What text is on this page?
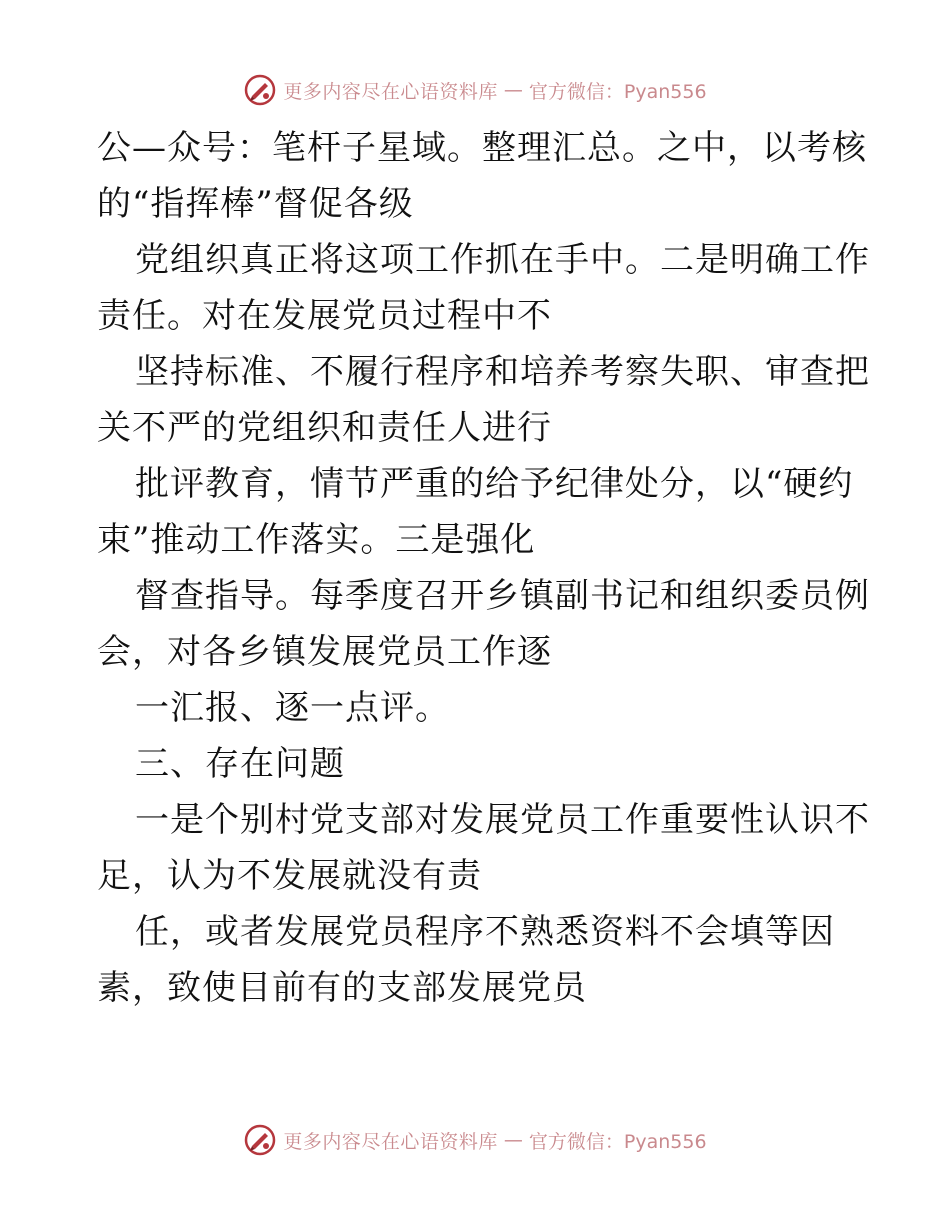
更多内容尽在心语资料库 — 官方微信：Pyan556
公—众号：笔杆子星域。整理汇总。之中，以考核
的“指挥棒”督促各级
党组织真正将这项工作抓在手中。二是明确工作
责任。对在发展党员过程中不
坚持标准、不履行程序和培养考察失职、审查把
关不严的党组织和责任人进行
批评教育，情节严重的给予纪律处分，以“硬约
束”推动工作落实。三是强化
督查指导。每季度召开乡镇副书记和组织委员例
会，对各乡镇发展党员工作逐
一汇报、逐一点评。
三、存在问题
一是个别村党支部对发展党员工作重要性认识不
足，认为不发展就没有责
任，或者发展党员程序不熟悉资料不会填等因
素，致使目前有的支部发展党员
更多内容尽在心语资料库 — 官方微信：Pyan556
